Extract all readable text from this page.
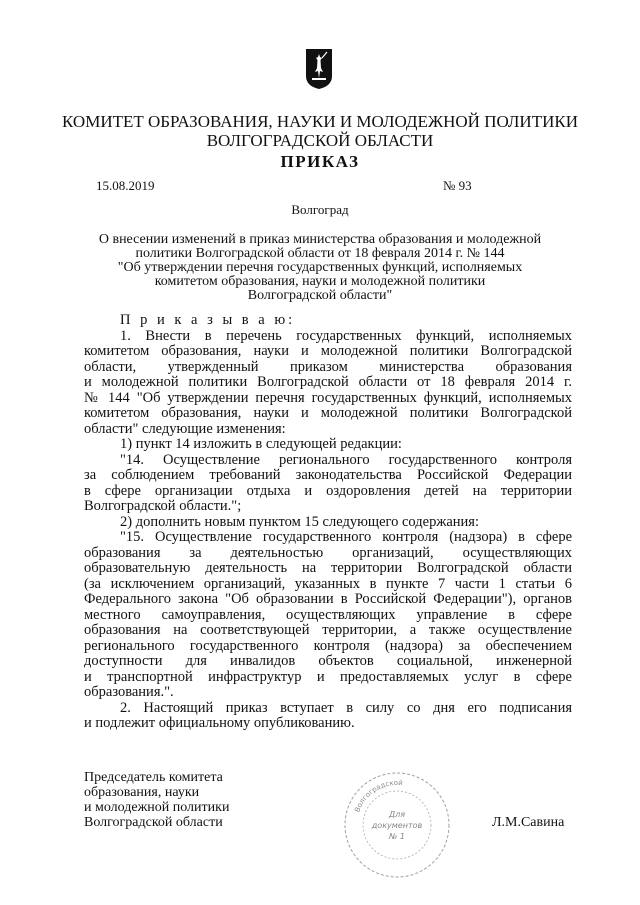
КОМИТЕТ ОБРАЗОВАНИЯ, НАУКИ И МОЛОДЕЖНОЙ ПОЛИТИКИ
ВОЛГОГРАДСКОЙ ОБЛАСТИ
ПРИКАЗ
15.08.2019	№ 93
Волгоград
О внесении изменений в приказ министерства образования и молодежной
политики Волгоградской области от 18 февраля 2014 г. № 144
"Об утверждении перечня государственных функций, исполняемых
комитетом образования, науки и молодежной политики
Волгоградской области"
П р и к а з ы в а ю:
1. Внести в перечень государственных функций, исполняемых
комитетом образования, науки и молодежной политики Волгоградской
области, утвержденный приказом министерства образования
и молодежной политики Волгоградской области от 18 февраля 2014 г.
№ 144 "Об утверждении перечня государственных функций, исполняемых
комитетом образования, науки и молодежной политики Волгоградской
области" следующие изменения:
1) пункт 14 изложить в следующей редакции:
"14. Осуществление регионального государственного контроля
за соблюдением требований законодательства Российской Федерации
в сфере организации отдыха и оздоровления детей на территории
Волгоградской области.";
2) дополнить новым пунктом 15 следующего содержания:
"15. Осуществление государственного контроля (надзора) в сфере
образования за деятельностью организаций, осуществляющих
образовательную деятельность на территории Волгоградской области
(за исключением организаций, указанных в пункте 7 части 1 статьи 6
Федерального закона "Об образовании в Российской Федерации"), органов
местного самоуправления, осуществляющих управление в сфере
образования на соответствующей территории, а также осуществление
регионального государственного контроля (надзора) за обеспечением
доступности для инвалидов объектов социальной, инженерной
и транспортной инфраструктур и предоставляемых услуг в сфере
образования.".
2. Настоящий приказ вступает в силу со дня его подписания
и подлежит официальному опубликованию.
Председатель комитета
образования, науки
и молодежной политики
Волгоградской области
Волгоградской
Для
документов
№ 1
Л.М.Савина
